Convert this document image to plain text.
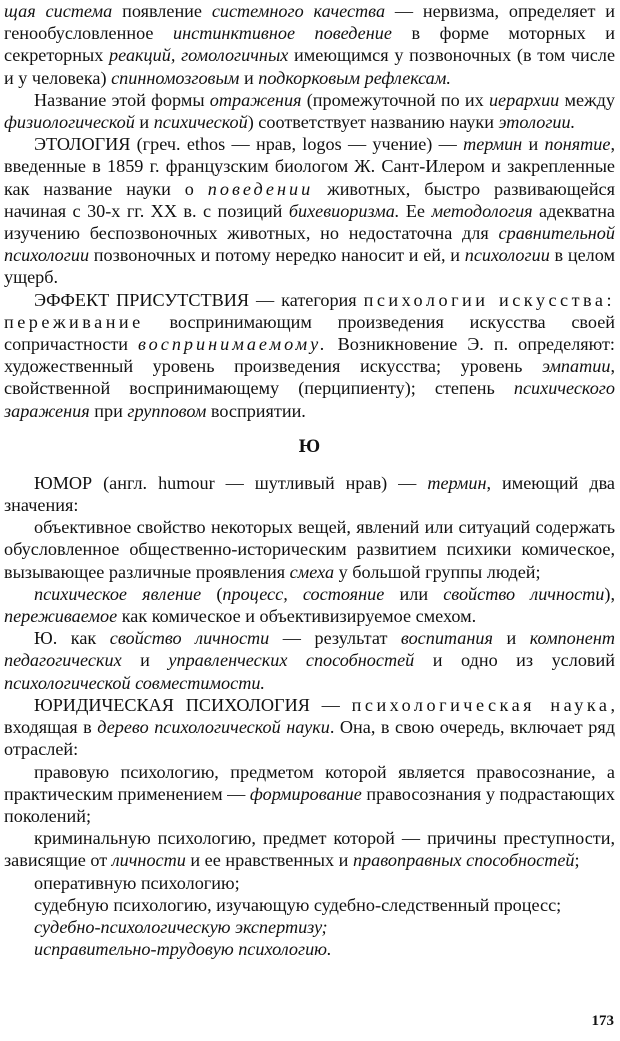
щая система появление системного качества — нервизма, определяет и генообусловленное инстинктивное поведение в форме моторных и секреторных реакций, гомологичных имеющимся у позвоночных (в том числе и у человека) спинномозговым и подкорковым рефлексам.

Название этой формы отражения (промежуточной по их иерархии между физиологической и психической) соответствует названию науки этологии.

ЭТОЛОГИЯ (греч. ethos — нрав, logos — учение) — термин и понятие, введенные в 1859 г. французским биологом Ж. Сант-Илером и закрепленные как название науки о поведении животных, быстро развивающейся начиная с 30-х гг. XX в. с позиций бихевиоризма. Ее методология адекватна изучению беспозвоночных животных, но недостаточна для сравнительной психологии позвоночных и потому нередко наносит и ей, и психологии в целом ущерб.

ЭФФЕКТ ПРИСУТСТВИЯ — категория психологии искусства: переживание воспринимающим произведения искусства своей сопричастности воспринимаемому. Возникновение Э. п. определяют: художественный уровень произведения искусства; уровень эмпатии, свойственной воспринимающему (перципиенту); степень психического заражения при групповом восприятии.

Ю

ЮМОР (англ. humour — шутливый нрав) — термин, имеющий два значения:

объективное свойство некоторых вещей, явлений или ситуаций содержать обусловленное общественно-историческим развитием психики комическое, вызывающее различные проявления смеха у большой группы людей;

психическое явление (процесс, состояние или свойство личности), переживаемое как комическое и объективизируемое смехом.

Ю. как свойство личности — результат воспитания и компонент педагогических и управленческих способностей и одно из условий психологической совместимости.

ЮРИДИЧЕСКАЯ ПСИХОЛОГИЯ — психологическая наука, входящая в дерево психологической науки. Она, в свою очередь, включает ряд отраслей:

правовую психологию, предметом которой является правосознание, а практическим применением — формирование правосознания у подрастающих поколений;

криминальную психологию, предмет которой — причины преступности, зависящие от личности и ее нравственных и правоправных способностей;

оперативную психологию;

судебную психологию, изучающую судебно-следственный процесс;

судебно-психологическую экспертизу;

исправительно-трудовую психологию.

173
